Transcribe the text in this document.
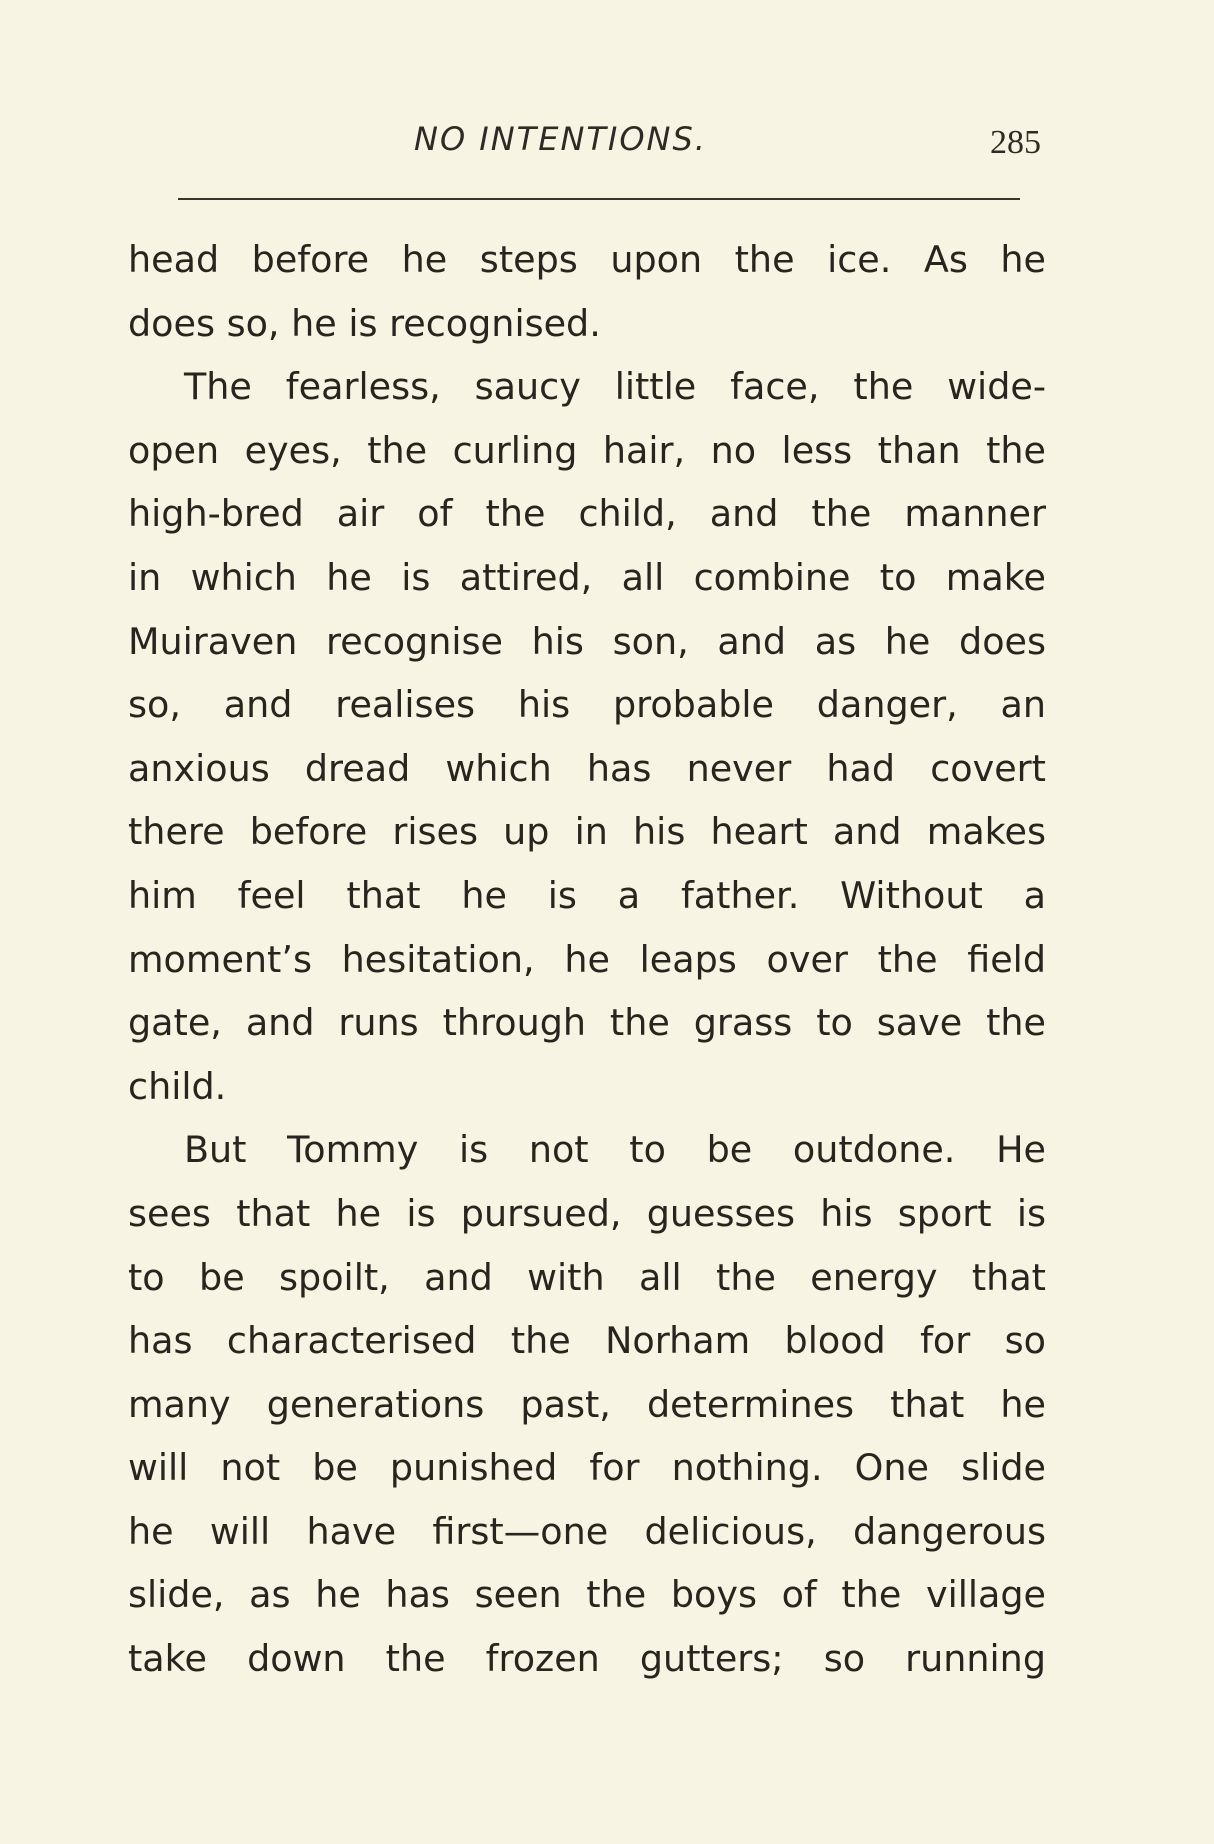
NO INTENTIONS.	285
head before he steps upon the ice. As he
does so, he is recognised.
The fearless, saucy little face, the wide-
open eyes, the curling hair, no less than the
high-bred air of the child, and the manner
in which he is attired, all combine to make
Muiraven recognise his son, and as he does
so, and realises his probable danger, an
anxious dread which has never had covert
there before rises up in his heart and makes
him feel that he is a father. Without a
moment’s hesitation, he leaps over the field
gate, and runs through the grass to save the
child.
But Tommy is not to be outdone. He
sees that he is pursued, guesses his sport is
to be spoilt, and with all the energy that
has characterised the Norham blood for so
many generations past, determines that he
will not be punished for nothing. One slide
he will have first—one delicious, dangerous
slide, as he has seen the boys of the village
take down the frozen gutters; so running
